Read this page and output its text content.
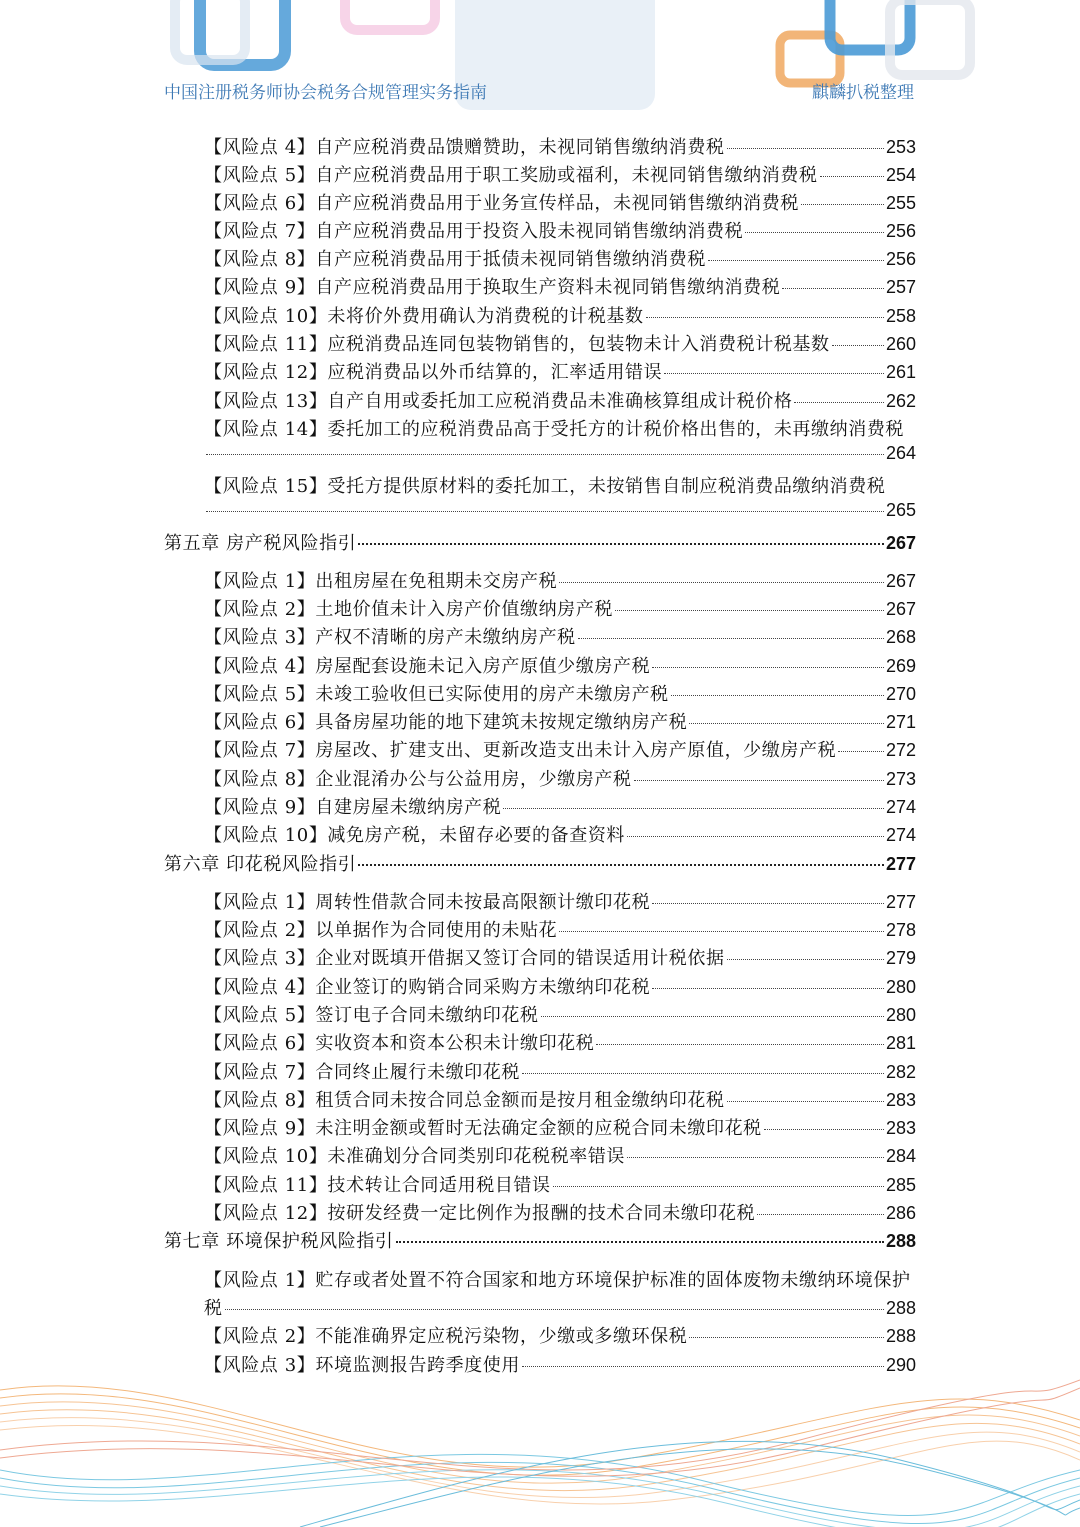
中国注册税务师协会税务合规管理实务指南	麒麟扒税整理
【风险点 4】自产应税消费品馈赠赞助，未视同销售缴纳消费税	253
【风险点 5】自产应税消费品用于职工奖励或福利，未视同销售缴纳消费税	254
【风险点 6】自产应税消费品用于业务宣传样品，未视同销售缴纳消费税	255
【风险点 7】自产应税消费品用于投资入股未视同销售缴纳消费税	256
【风险点 8】自产应税消费品用于抵债未视同销售缴纳消费税	256
【风险点 9】自产应税消费品用于换取生产资料未视同销售缴纳消费税	257
【风险点 10】未将价外费用确认为消费税的计税基数	258
【风险点 11】应税消费品连同包装物销售的，包装物未计入消费税计税基数	260
【风险点 12】应税消费品以外币结算的，汇率适用错误	261
【风险点 13】自产自用或委托加工应税消费品未准确核算组成计税价格	262
【风险点 14】委托加工的应税消费品高于受托方的计税价格出售的，未再缴纳消费税
264
【风险点 15】受托方提供原材料的委托加工，未按销售自制应税消费品缴纳消费税
265
第五章 房产税风险指引	267
【风险点 1】出租房屋在免租期未交房产税	267
【风险点 2】土地价值未计入房产价值缴纳房产税	267
【风险点 3】产权不清晰的房产未缴纳房产税	268
【风险点 4】房屋配套设施未记入房产原值少缴房产税	269
【风险点 5】未竣工验收但已实际使用的房产未缴房产税	270
【风险点 6】具备房屋功能的地下建筑未按规定缴纳房产税	271
【风险点 7】房屋改、扩建支出、更新改造支出未计入房产原值，少缴房产税	272
【风险点 8】企业混淆办公与公益用房，少缴房产税	273
【风险点 9】自建房屋未缴纳房产税	274
【风险点 10】减免房产税，未留存必要的备查资料	274
第六章 印花税风险指引	277
【风险点 1】周转性借款合同未按最高限额计缴印花税	277
【风险点 2】以单据作为合同使用的未贴花	278
【风险点 3】企业对既填开借据又签订合同的错误适用计税依据	279
【风险点 4】企业签订的购销合同采购方未缴纳印花税	280
【风险点 5】签订电子合同未缴纳印花税	280
【风险点 6】实收资本和资本公积未计缴印花税	281
【风险点 7】合同终止履行未缴印花税	282
【风险点 8】租赁合同未按合同总金额而是按月租金缴纳印花税	283
【风险点 9】未注明金额或暂时无法确定金额的应税合同未缴印花税	283
【风险点 10】未准确划分合同类别印花税税率错误	284
【风险点 11】技术转让合同适用税目错误	285
【风险点 12】按研发经费一定比例作为报酬的技术合同未缴印花税	286
第七章 环境保护税风险指引	288
【风险点 1】贮存或者处置不符合国家和地方环境保护标准的固体废物未缴纳环境保护
税	288
【风险点 2】不能准确界定应税污染物，少缴或多缴环保税	288
【风险点 3】环境监测报告跨季度使用	290
